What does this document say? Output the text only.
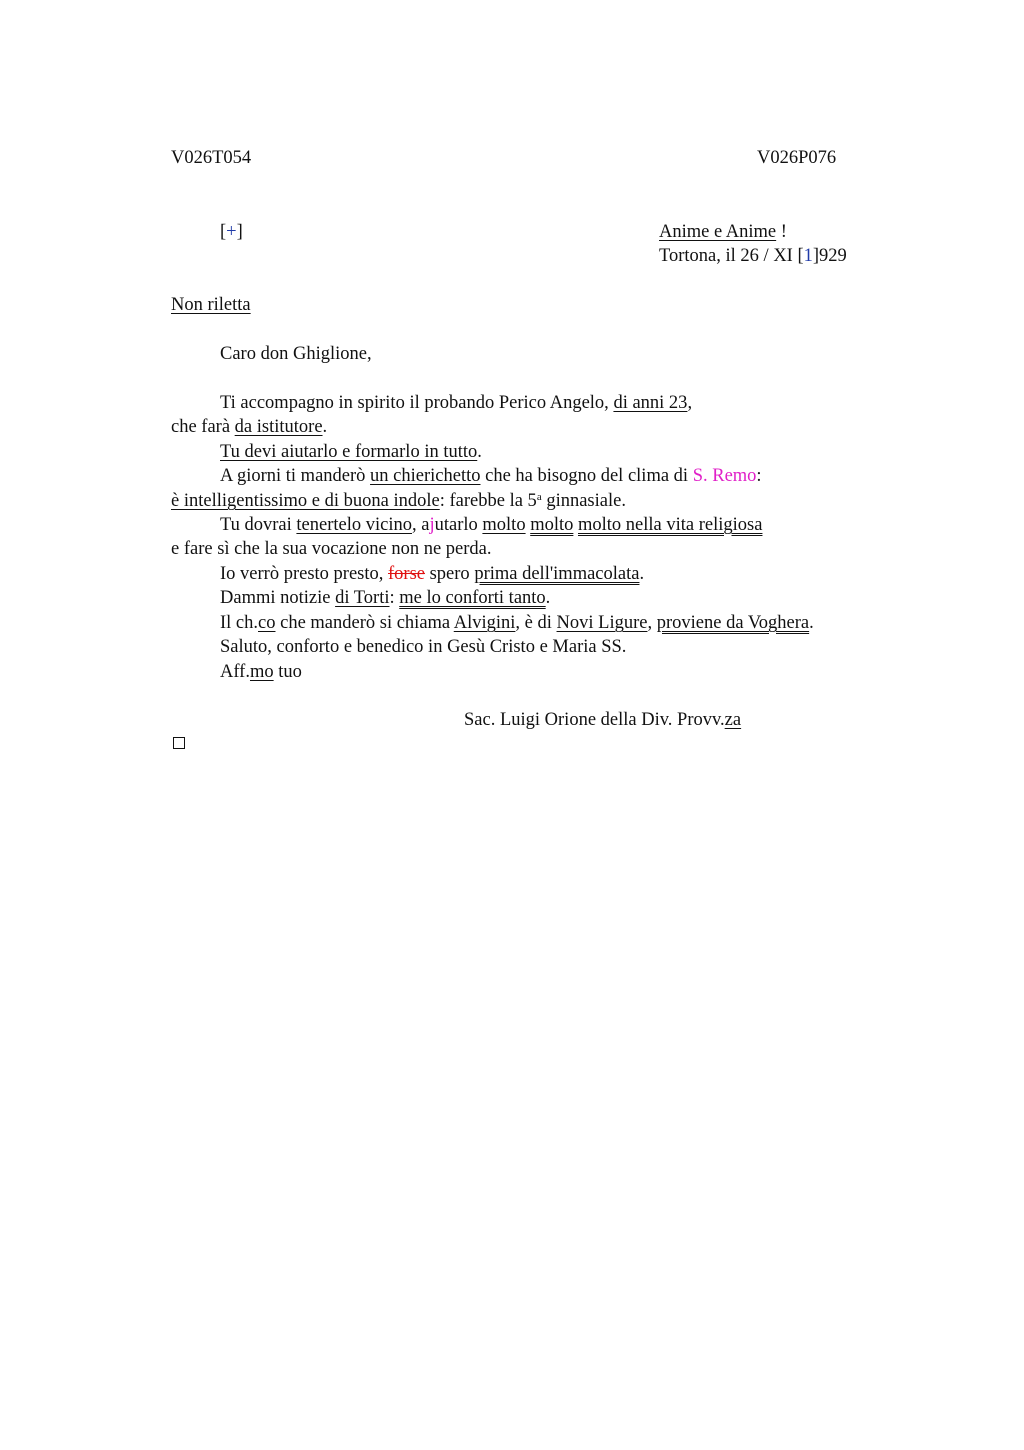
V026T054	V026P076
[+]	Anime e Anime !
Tortona, il 26 / XI [1]929
Non riletta
Caro don Ghiglione,
Ti accompagno in spirito il probando Perico Angelo, di anni 23,
che farà da istitutore.
Tu devi aiutarlo e formarlo in tutto.
A giorni ti manderò un chierichetto che ha bisogno del clima di S. Remo:
è intelligentissimo e di buona indole: farebbe la 5$^a$ ginnasiale.
Tu dovrai tenertelo vicino, ajutarlo molto molto molto nella vita religiosa
e fare sì che la sua vocazione non ne perda.
Io verrò presto presto, forse spero prima dell'immacolata.
Dammi notizie di Torti: me lo conforti tanto.
Il ch.co che manderò si chiama Alvigini, è di Novi Ligure, proviene da Voghera.
Saluto, conforto e benedico in Gesù Cristo e Maria SS.
Aff.mo tuo
Sac. Luigi Orione della Div. Provv.za
